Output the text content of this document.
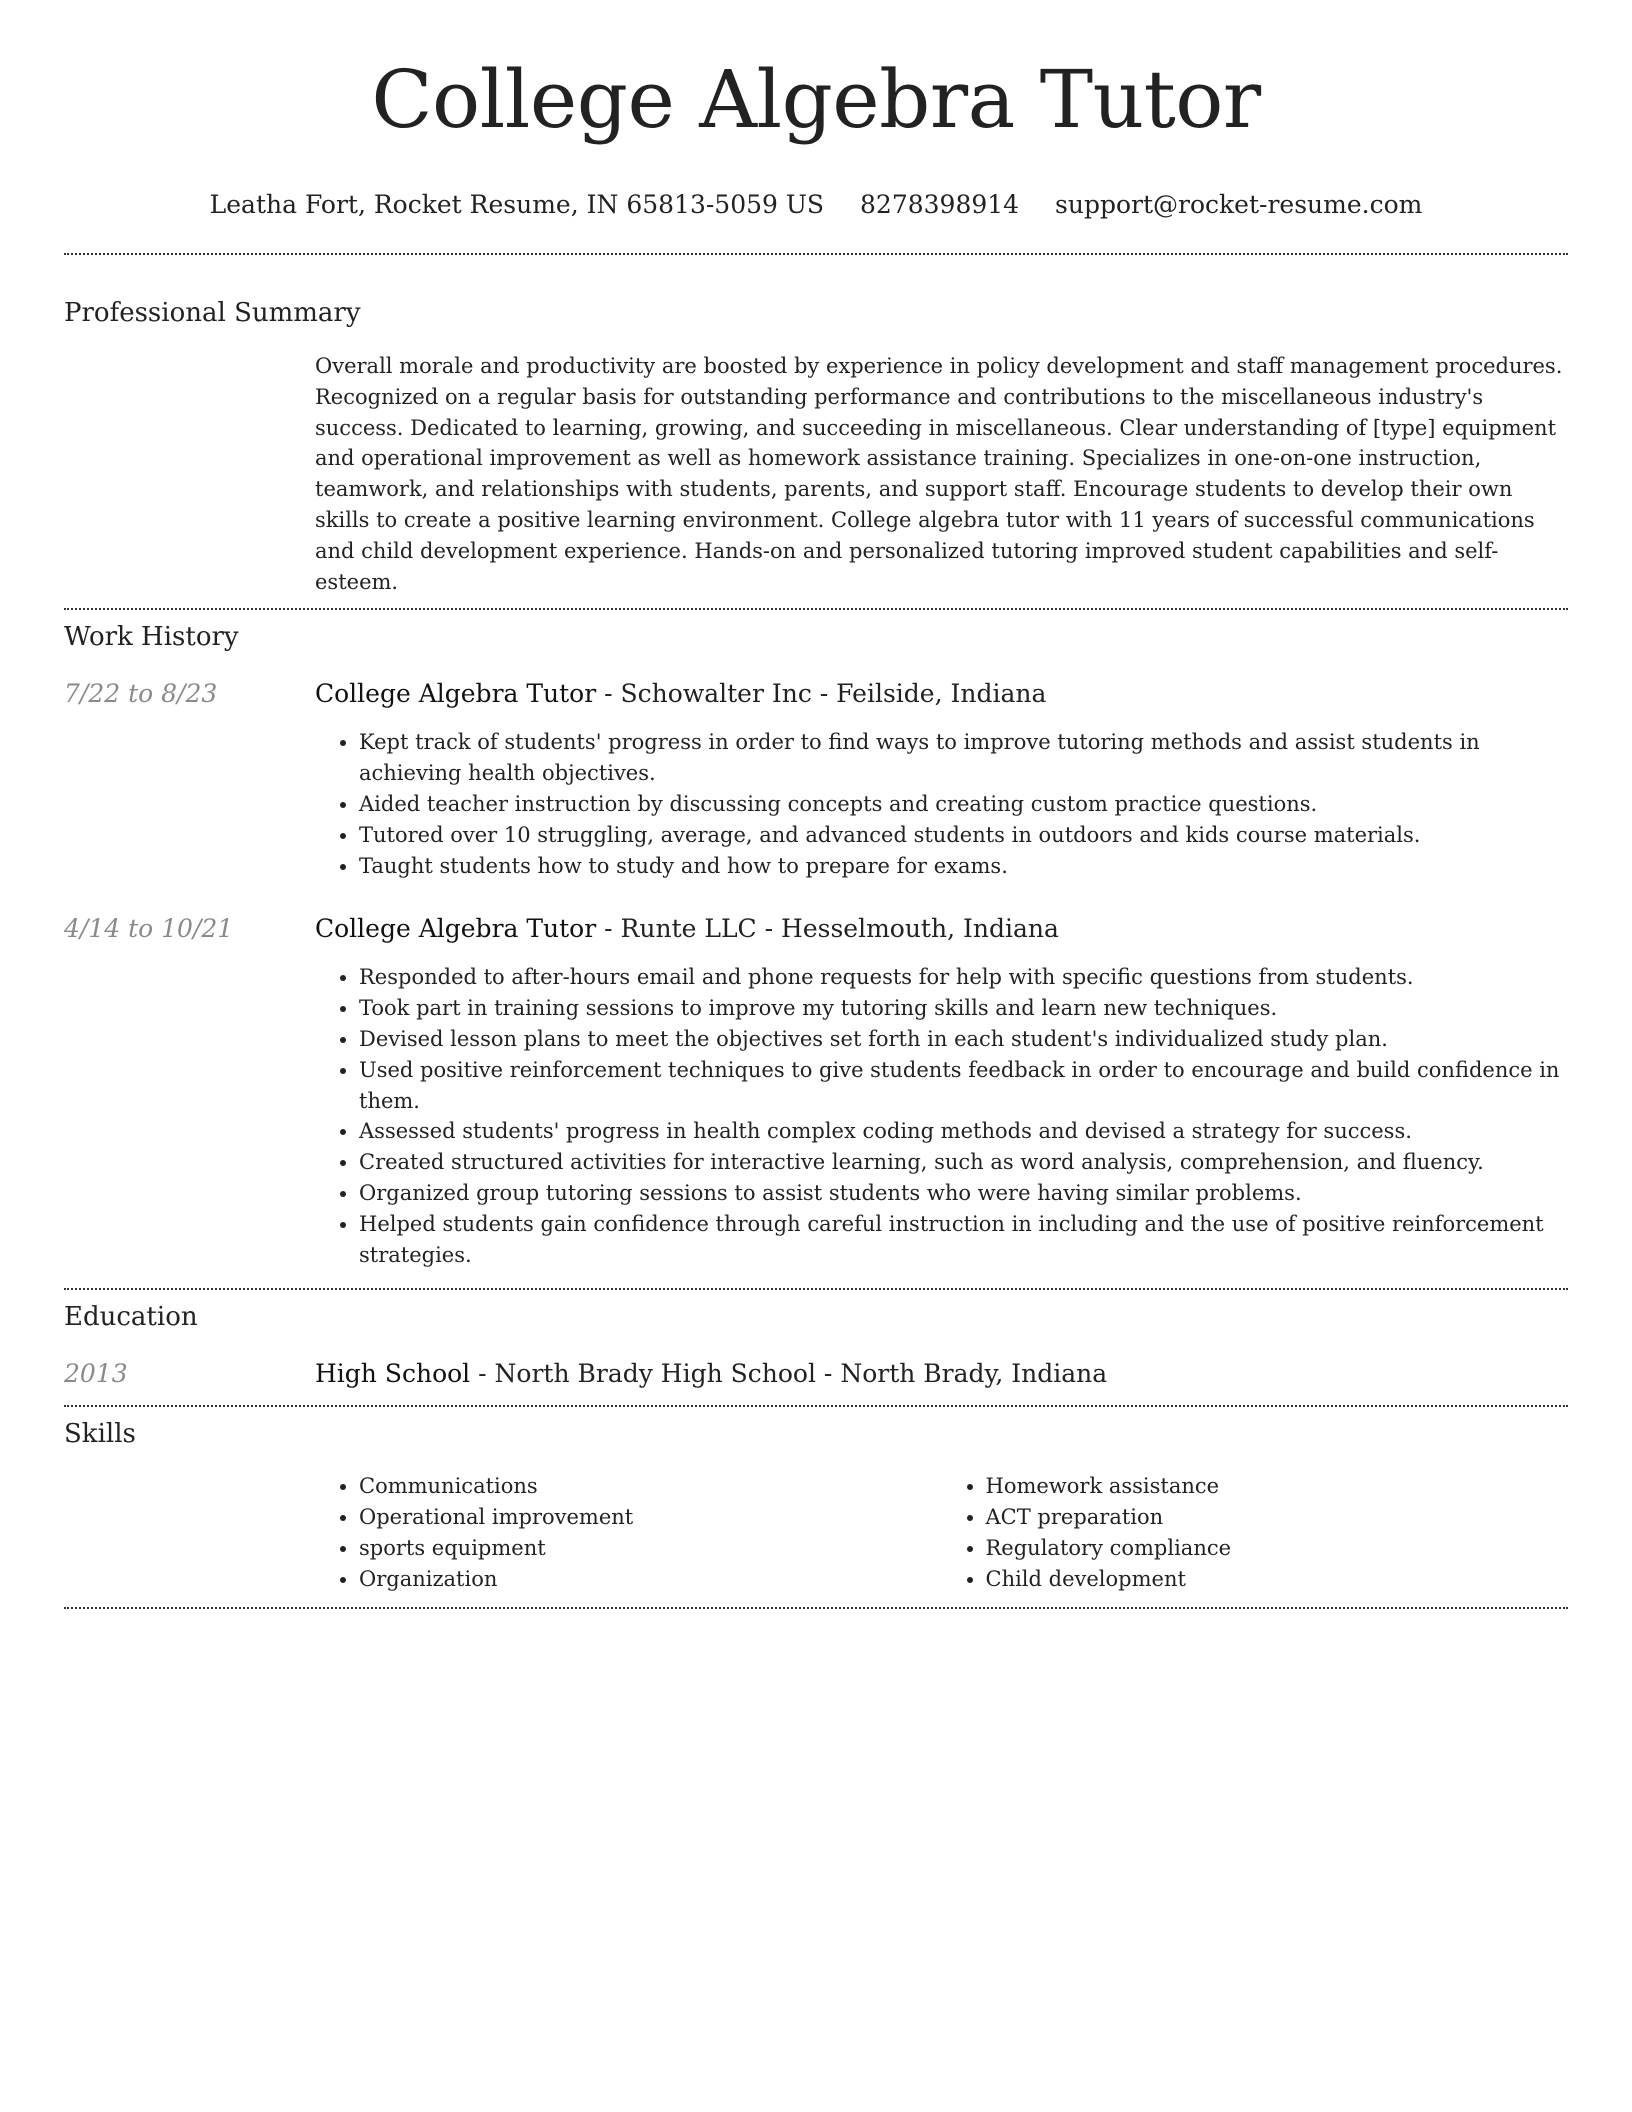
College Algebra Tutor
Leatha Fort, Rocket Resume, IN 65813-5059 US 8278398914 support@rocket-resume.com
Professional Summary
Overall morale and productivity are boosted by experience in policy development and staff management procedures. Recognized on a regular basis for outstanding performance and contributions to the miscellaneous industry's success. Dedicated to learning, growing, and succeeding in miscellaneous. Clear understanding of [type] equipment and operational improvement as well as homework assistance training. Specializes in one-on-one instruction, teamwork, and relationships with students, parents, and support staff. Encourage students to develop their own skills to create a positive learning environment. College algebra tutor with 11 years of successful communications and child development experience. Hands-on and personalized tutoring improved student capabilities and self-esteem.
Work History
7/22 to 8/23	College Algebra Tutor - Schowalter Inc - Feilside, Indiana
• Kept track of students' progress in order to find ways to improve tutoring methods and assist students in achieving health objectives.
• Aided teacher instruction by discussing concepts and creating custom practice questions.
• Tutored over 10 struggling, average, and advanced students in outdoors and kids course materials.
• Taught students how to study and how to prepare for exams.
4/14 to 10/21	College Algebra Tutor - Runte LLC - Hesselmouth, Indiana
• Responded to after-hours email and phone requests for help with specific questions from students.
• Took part in training sessions to improve my tutoring skills and learn new techniques.
• Devised lesson plans to meet the objectives set forth in each student's individualized study plan.
• Used positive reinforcement techniques to give students feedback in order to encourage and build confidence in them.
• Assessed students' progress in health complex coding methods and devised a strategy for success.
• Created structured activities for interactive learning, such as word analysis, comprehension, and fluency.
• Organized group tutoring sessions to assist students who were having similar problems.
• Helped students gain confidence through careful instruction in including and the use of positive reinforcement strategies.
Education
2013	High School - North Brady High School - North Brady, Indiana
Skills
• Communications
• Operational improvement
• sports equipment
• Organization
• Homework assistance
• ACT preparation
• Regulatory compliance
• Child development
